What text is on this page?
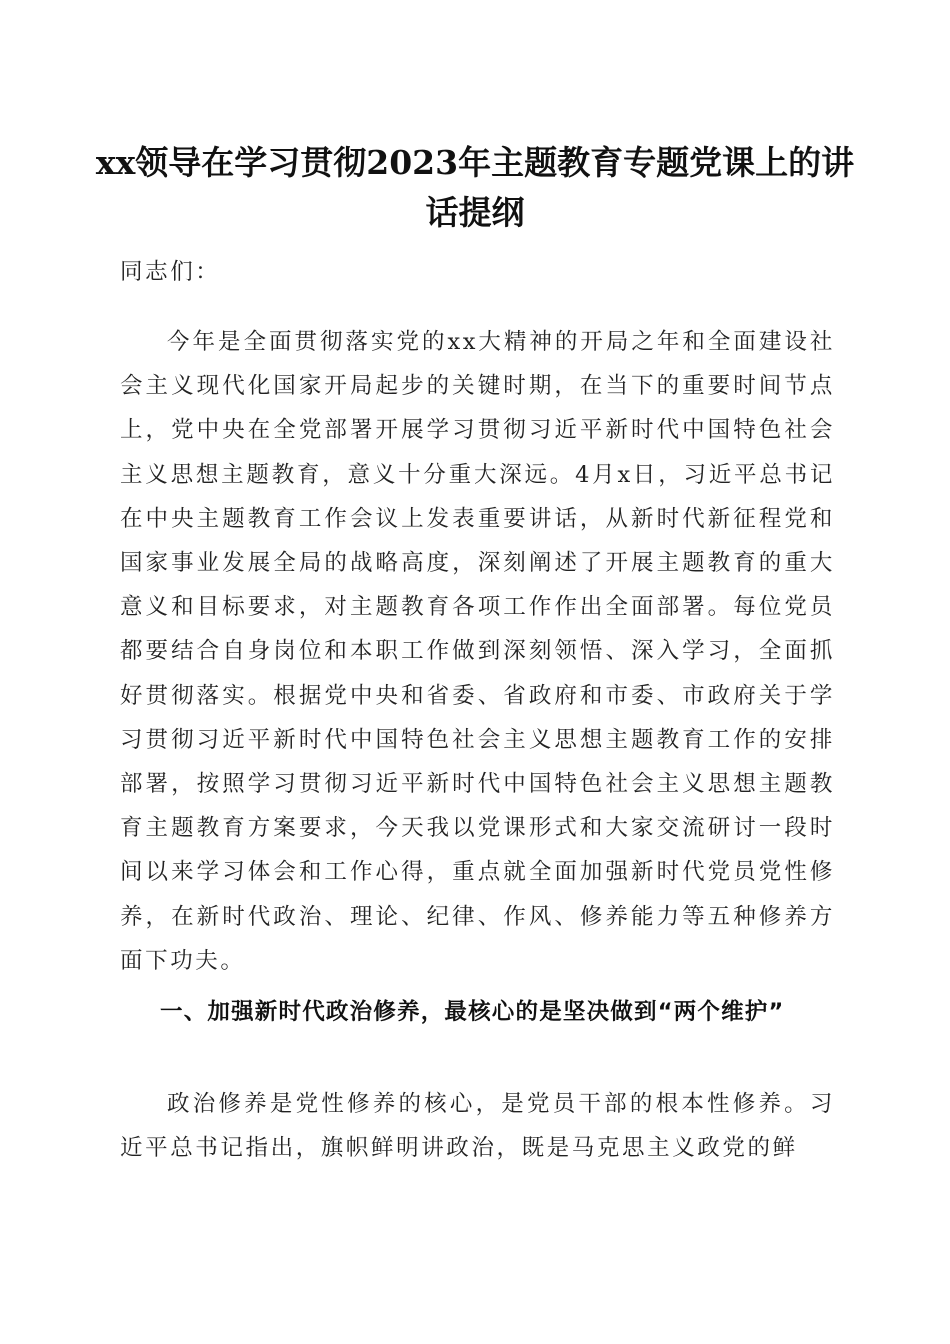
xx领导在学习贯彻2023年主题教育专题党课上的讲话提纲

同志们：

今年是全面贯彻落实党的xx大精神的开局之年和全面建设社会主义现代化国家开局起步的关键时期，在当下的重要时间节点上，党中央在全党部署开展学习贯彻习近平新时代中国特色社会主义思想主题教育，意义十分重大深远。4月x日，习近平总书记在中央主题教育工作会议上发表重要讲话，从新时代新征程党和国家事业发展全局的战略高度，深刻阐述了开展主题教育的重大意义和目标要求，对主题教育各项工作作出全面部署。每位党员都要结合自身岗位和本职工作做到深刻领悟、深入学习，全面抓好贯彻落实。根据党中央和省委、省政府和市委、市政府关于学习贯彻习近平新时代中国特色社会主义思想主题教育工作的安排部署，按照学习贯彻习近平新时代中国特色社会主义思想主题教育主题教育方案要求，今天我以党课形式和大家交流研讨一段时间以来学习体会和工作心得，重点就全面加强新时代党员党性修养，在新时代政治、理论、纪律、作风、修养能力等五种修养方面下功夫。

一、加强新时代政治修养，最核心的是坚决做到“两个维护”

政治修养是党性修养的核心，是党员干部的根本性修养。习近平总书记指出，旗帜鲜明讲政治，既是马克思主义政党的鲜
